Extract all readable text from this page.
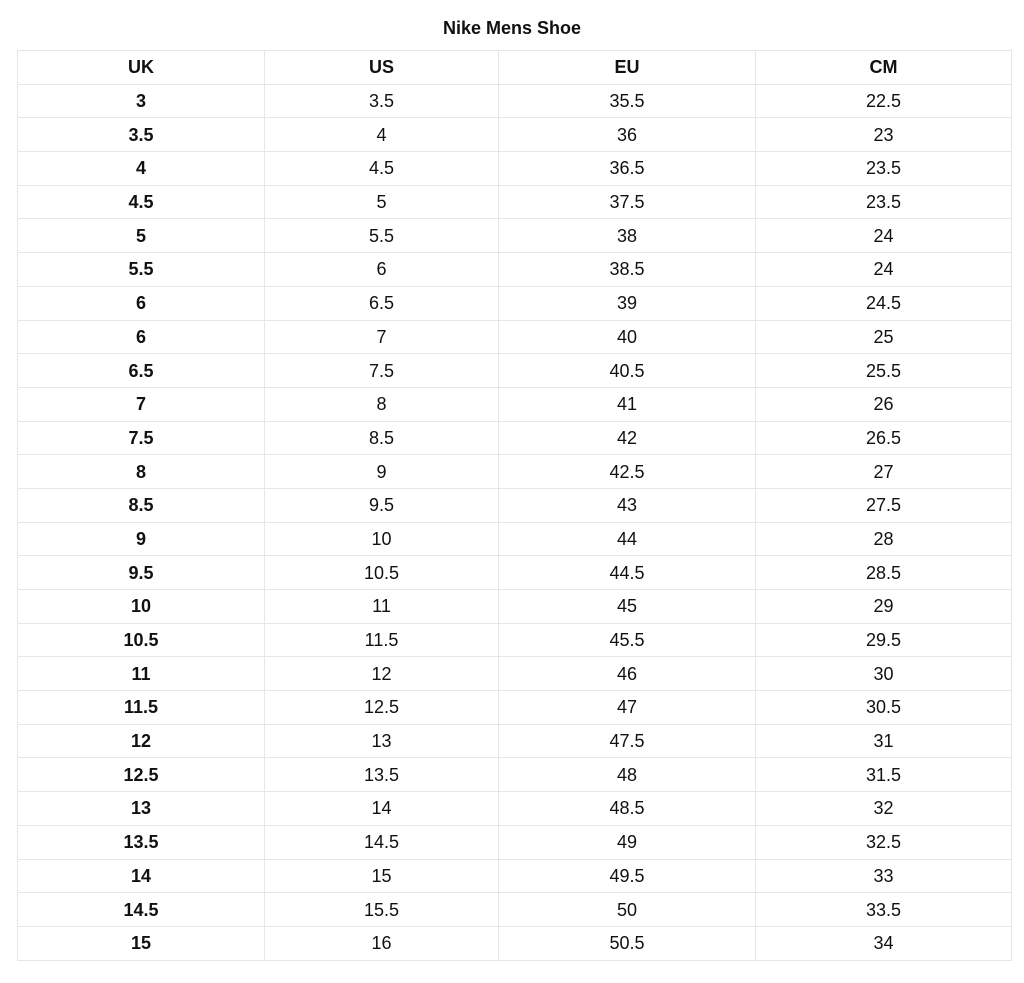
Nike Mens Shoe
UK	US	EU	CM
3	3.5	35.5	22.5
3.5	4	36	23
4	4.5	36.5	23.5
4.5	5	37.5	23.5
5	5.5	38	24
5.5	6	38.5	24
6	6.5	39	24.5
6	7	40	25
6.5	7.5	40.5	25.5
7	8	41	26
7.5	8.5	42	26.5
8	9	42.5	27
8.5	9.5	43	27.5
9	10	44	28
9.5	10.5	44.5	28.5
10	11	45	29
10.5	11.5	45.5	29.5
11	12	46	30
11.5	12.5	47	30.5
12	13	47.5	31
12.5	13.5	48	31.5
13	14	48.5	32
13.5	14.5	49	32.5
14	15	49.5	33
14.5	15.5	50	33.5
15	16	50.5	34
